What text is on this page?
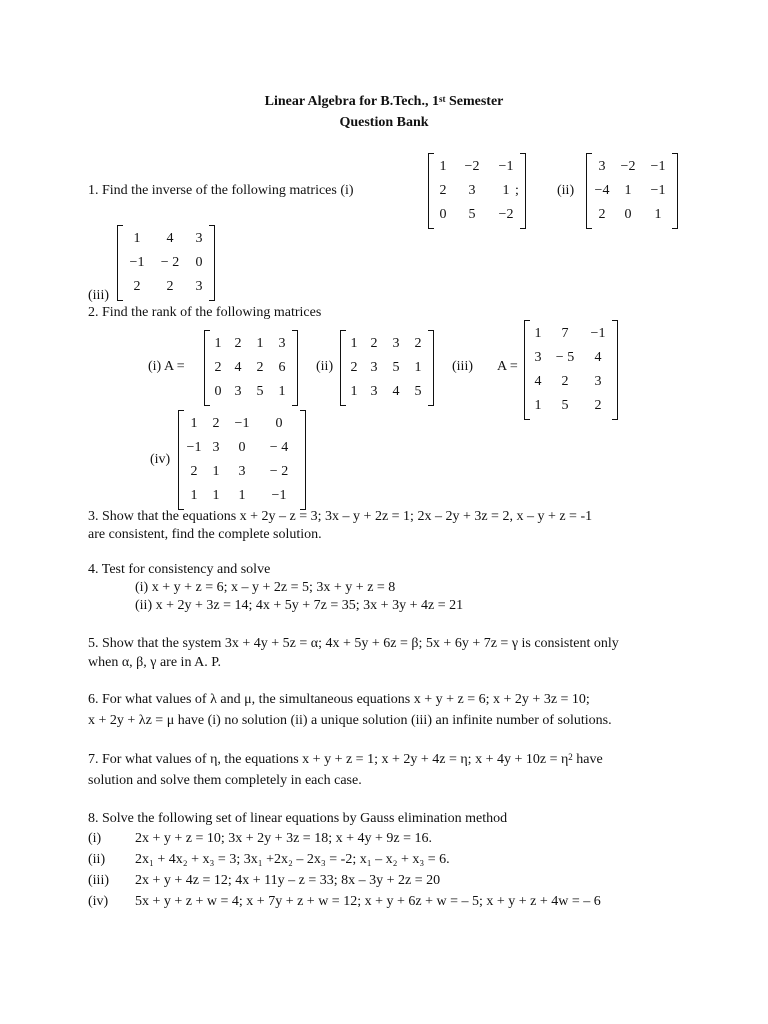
Linear Algebra for B.Tech., 1st Semester
Question Bank
1. Find the inverse of the following matrices (i)
1	−2	−1
2	3	1
0	5	−2
;	(ii)
3	−2	−1
−4	1	−1
2	0	1
1	4	3
−1	− 2	0
2	2	3
(iii)
2. Find the rank of the following matrices
(i) A =
1	2	1	3
2	4	2	6
0	3	5	1
(ii)
1	2	3	2
2	3	5	1
1	3	4	5
(iii) A =
1	7	−1
3	− 5	4
4	2	3
1	5	2
(iv)
1	2	−1	0
−1	3	0	− 4
2	1	3	− 2
1	1	1	−1
3. Show that the equations x + 2y – z = 3; 3x – y + 2z = 1; 2x – 2y + 3z = 2, x – y + z = -1
are consistent, find the complete solution.
4. Test for consistency and solve
(i) x + y + z = 6; x – y + 2z = 5; 3x + y + z = 8
(ii) x + 2y + 3z = 14; 4x + 5y + 7z = 35; 3x + 3y + 4z = 21
5. Show that the system 3x + 4y + 5z = α; 4x + 5y + 6z = β; 5x + 6y + 7z = γ is consistent only
when α, β, γ are in A. P.
6. For what values of λ and μ, the simultaneous equations x + y + z = 6; x + 2y + 3z = 10;
x + 2y + λz = μ have (i) no solution (ii) a unique solution (iii) an infinite number of solutions.
7. For what values of η, the equations x + y + z = 1; x + 2y + 4z = η; $x + 4y + 10z = \eta^2$ have
solution and solve them completely in each case.
8. Solve the following set of linear equations by Gauss elimination method
(i) 2x + y + z = 10; 3x + 2y + 3z = 18; x + 4y + 9z = 16.
(ii) 2x₁ + 4x₂ + x₃ = 3; 3x₁ +2x₂ – 2x₃ = -2; x₁ – x₂ + x₃ = 6.
(iii) 2x + y + 4z = 12; 4x + 11y – z = 33; 8x – 3y + 2z = 20
(iv) 5x + y + z + w = 4; x + 7y + z + w = 12; x + y + 6z + w = – 5; x + y + z + 4w = – 6
